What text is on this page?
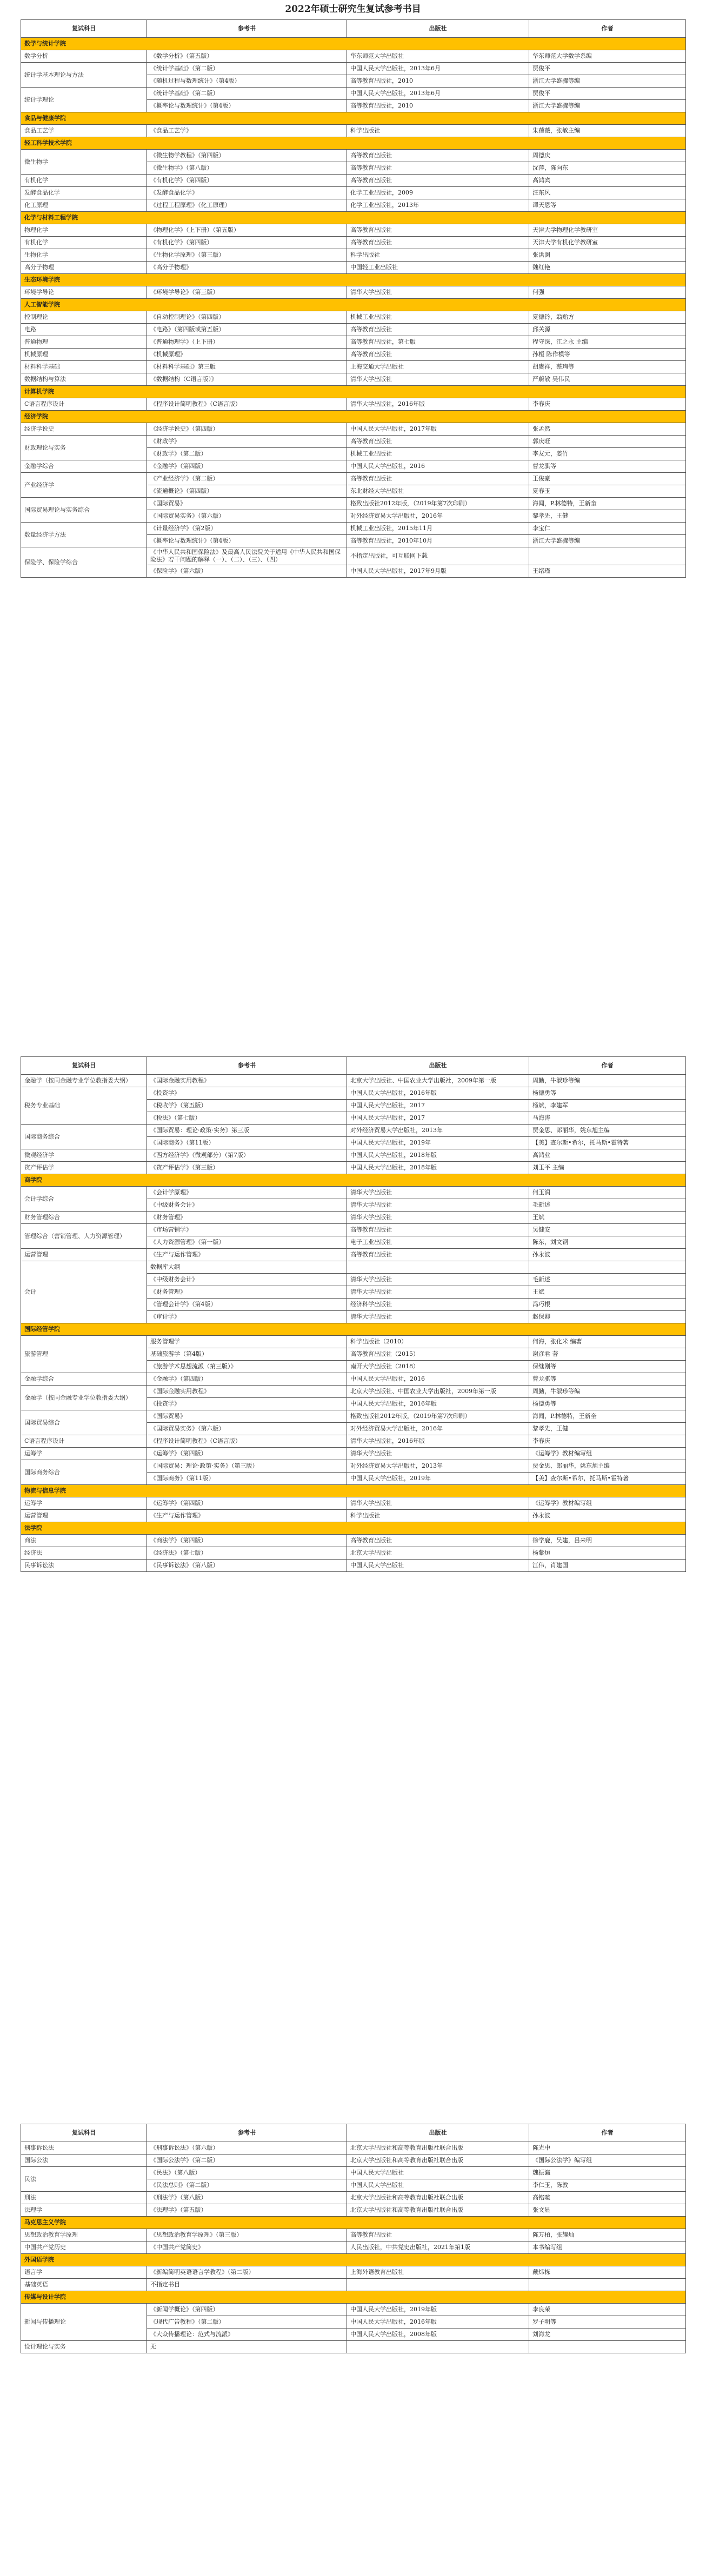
2022年硕士研究生复试参考书目
复试科目	参考书	出版社	作者
数学与统计学院			
数学分析	《数学分析》（第五版）	华东师范大学出版社	华东师范大学数学系编
统计学基本理论与方法	《统计学基础》（第二版）	中国人民大学出版社，2013年6月	贾俊平
	《随机过程与数理统计》（第4版）	高等教育出版社，2010	浙江大学盛骤等编
统计学理论	《统计学基础》（第二版）	中国人民大学出版社，2013年6月	贾俊平
	《概率论与数理统计》（第4版）	高等教育出版社，2010	浙江大学盛骤等编
食品与健康学院			
食品工艺学	《食品工艺学》	科学出版社	朱蓓薇，张敏主编
轻工科学技术学院			
微生物学	《微生物学教程》（第四版）	高等教育出版社	周德庆
	《微生物学》（第八版）	高等教育出版社	沈萍，陈向东
有机化学	《有机化学》（第四版）	高等教育出版社	高鸿宾
发酵食品化学	《发酵食品化学》	化学工业出版社，2009	汪东风
化工原理	《过程工程原理》（化工原理）	化学工业出版社，2013年	谭天恩等
化学与材料工程学院			
物理化学	《物理化学》（上下册）（第五版）	高等教育出版社	天津大学物理化学教研室
有机化学	《有机化学》（第四版）	高等教育出版社	天津大学有机化学教研室
生物化学	《生物化学原理》（第三版）	科学出版社	张洪渊
高分子物理	《高分子物理》	中国轻工业出版社	魏红艳
生态环境学院			
环境学导论	《环境学导论》（第三版）	清华大学出版社	何强
人工智能学院			
控制理论	《自动控制理论》（第四版）	机械工业出版社	夏德钤，翁贻方
电路	《电路》（第四版或第五版）	高等教育出版社	邱关源
普通物理	《普通物理学》（上下册）	高等教育出版社，第七版	程守洙，江之永 主编
机械原理	《机械原理》	高等教育出版社	孙桓 陈作模等
材料科学基础	《材料科学基础》第三版	上海交通大学出版社	胡赓祥，蔡珣等
数据结构与算法	《数据结构（C语言版）》	清华大学出版社	严蔚敏 吴伟民
计算机学院			
C语言程序设计	《程序设计简明教程》（C语言版）	清华大学出版社，2016年版	李春庆
经济学院			
经济学说史	《经济学说史》（第四版）	中国人民大学出版社，2017年版	张孟然
财政理论与实务	《财政学》	高等教育出版社	郭庆旺
	《财政学》（第二版）	机械工业出版社	李友元，姜竹
金融学综合	《金融学》（第四版）	中国人民大学出版社，2016	曹龙骐等
产业经济学	《产业经济学》（第二版）	高等教育出版社	王俊豪
	《流通概论》（第四版）	东北财经大学出版社	夏春玉
国际贸易理论与实务综合	《国际贸易》	格致出版社2012年版，（2019年第7次印刷）	海闻，P.林德特，王新奎
	《国际贸易实务》（第六版）	对外经济贸易大学出版社，2016年	黎孝先，王健
数量经济学方法	《计量经济学》（第2版）	机械工业出版社，2015年11月	李宝仁
	《概率论与数理统计》（第4版）	高等教育出版社，2010年10月	浙江大学盛骤等编
保险学、保险学综合	《中华人民共和国保险法》及最高人民法院关于适用《中华人民共和国保险法》若干问题的解释（一）、（二）、（三）、（四）	不指定出版社，可互联网下载	
	《保险学》（第六版）	中国人民大学出版社，2017年9月版	王绪瑾
复试科目	参考书	出版社	作者
金融学（按同金融专业学位教指委大纲）	《国际金融实用教程》	北京大学出版社、中国农业大学出版社，2009年第一版	周勤，牛淑珍等编
税务专业基础	《投资学》	中国人民大学出版社，2016年版	杨德勇等
	《税收学》（第五版）	中国人民大学出版社，2017	杨斌，李建军
	《税法》（第七版）	中国人民大学出版社，2017	马海涛
国际商务综合	《国际贸易：理论·政策·实务》第三版	对外经济贸易大学出版社，2013年	贾金思、郎丽华，姚东旭主编
	《国际商务》（第11版）	中国人民大学出版社，2019年	【美】查尔斯•希尔，托马斯•霍特著
微观经济学	《西方经济学》（微观部分）（第7版）	中国人民大学出版社，2018年版	高鸿业
资产评估学	《资产评估学》（第三版）	中国人民大学出版社，2018年版	刘玉平 主编
商学院			
会计学综合	《会计学原理》	清华大学出版社	何玉润
	《中级财务会计》	清华大学出版社	毛新述
财务管理综合	《财务管理》	清华大学出版社	王斌
管理综合（营销管理、人力资源管理）	《市场营销学》	高等教育出版社	吴健安
	《人力资源管理》（第一版）	电子工业出版社	陈东，刘文钢
运营管理	《生产与运作管理》	高等教育出版社	孙永波
会计	数据库大纲		
	《中级财务会计》	清华大学出版社	毛新述
	《财务管理》	清华大学出版社	王斌
	《管理会计学》（第4版）	经济科学出版社	冯巧根
	《审计学》	清华大学出版社	赵保卿
国际经管学院			
旅游管理	服务管理学	科学出版社（2010）	何海，张化米 编著
	基础旅游学（第4版）	高等教育出版社（2015）	谢彦君 著
	《旅游学术思想流派（第三版）》	南开大学出版社（2018）	保继刚等
金融学综合	《金融学》（第四版）	中国人民大学出版社，2016	曹龙骐等
金融学（按同金融专业学位教指委大纲）	《国际金融实用教程》	北京大学出版社、中国农业大学出版社，2009年第一版	周勤，牛淑珍等编
	《投资学》	中国人民大学出版社，2016年版	杨德勇等
国际贸易综合	《国际贸易》	格致出版社2012年版，（2019年第7次印刷）	海闻，P.林德特，王新奎
	《国际贸易实务》（第六版）	对外经济贸易大学出版社，2016年	黎孝先，王健
C语言程序设计	《程序设计简明教程》（C语言版）	清华大学出版社，2016年版	李春庆
运筹学	《运筹学》（第四版）	清华大学出版社	《运筹学》教材编写组
国际商务综合	《国际贸易：理论·政策·实务》（第三版）	对外经济贸易大学出版社，2013年	贾金思、郎丽华，姚东旭主编
	《国际商务》（第11版）	中国人民大学出版社，2019年	【美】查尔斯•希尔，托马斯•霍特著
物流与信息学院			
运筹学	《运筹学》（第四版）	清华大学出版社	《运筹学》教材编写组
运营管理	《生产与运作管理》	科学出版社	孙永波
法学院			
商法	《商法学》（第四版）	高等教育出版社	徐学鹿，吴建，吕来明
经济法	《经济法》（第七版）	北京大学出版社	杨紫烜
民事诉讼法	《民事诉讼法》（第八版）	中国人民大学出版社	江伟，肖建国
复试科目	参考书	出版社	作者
刑事诉讼法	《刑事诉讼法》（第六版）	北京大学出版社和高等教育出版社联合出版	陈光中
国际公法	《国际公法学》（第二版）	北京大学出版社和高等教育出版社联合出版	《国际公法学》编写组
民法	《民法》（第八版）	中国人民大学出版社	魏振瀛
	《民法总则》（第二版）	中国人民大学出版社	李仁玉，陈敦
刑法	《刑法学》（第八版）	北京大学出版社和高等教育出版社联合出版	高铭暄
法理学	《法理学》（第五版）	北京大学出版社和高等教育出版社联合出版	张文显
马克思主义学院			
思想政治教育学原理	《思想政治教育学原理》（第三版）	高等教育出版社	陈万柏，张耀灿
中国共产党历史	《中国共产党简史》	人民出版社，中共党史出版社，2021年第1版	本书编写组
外国语学院			
语言学	《新编简明英语语言学教程》（第二版）	上海外语教育出版社	戴炜栋
基础英语	不指定书目		
传媒与设计学院			
新闻与传播理论	《新闻学概论》（第四版）	中国人民大学出版社，2019年版	李良荣
	《现代广告教程》（第二版）	中国人民大学出版社，2016年版	罗子明等
	《大众传播理论：范式与流派》	中国人民大学出版社，2008年版	刘海龙
设计理论与实务	无		
